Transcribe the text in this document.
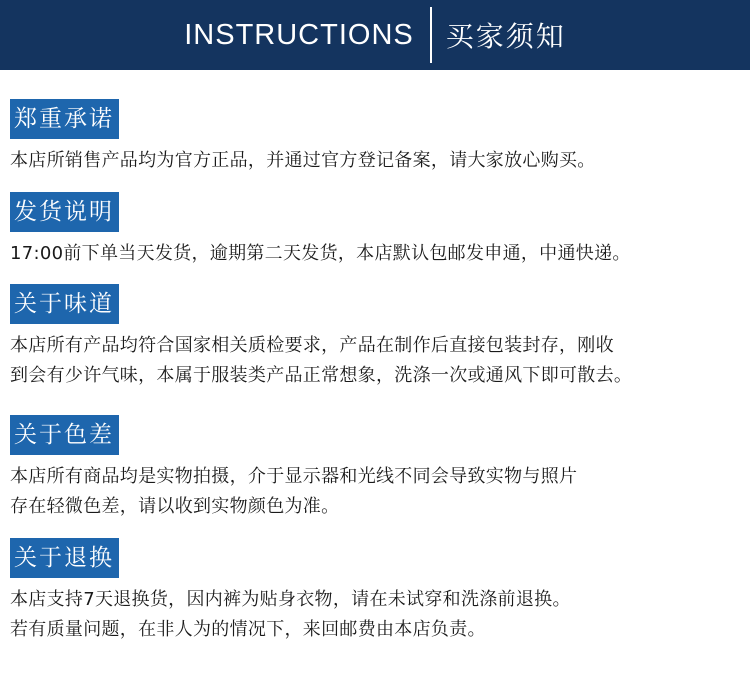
INSTRUCTIONS	买家须知
郑重承诺

本店所销售产品均为官方正品，并通过官方登记备案，请大家放心购买。

发货说明

17:00前下单当天发货，逾期第二天发货，本店默认包邮发申通，中通快递。

关于味道

本店所有产品均符合国家相关质检要求，产品在制作后直接包装封存，刚收

到会有少许气味，本属于服装类产品正常想象，洗涤一次或通风下即可散去。

关于色差

本店所有商品均是实物拍摄，介于显示器和光线不同会导致实物与照片

存在轻微色差，请以收到实物颜色为准。

关于退换

本店支持7天退换货，因内裤为贴身衣物，请在未试穿和洗涤前退换。

若有质量问题，在非人为的情况下，来回邮费由本店负责。
